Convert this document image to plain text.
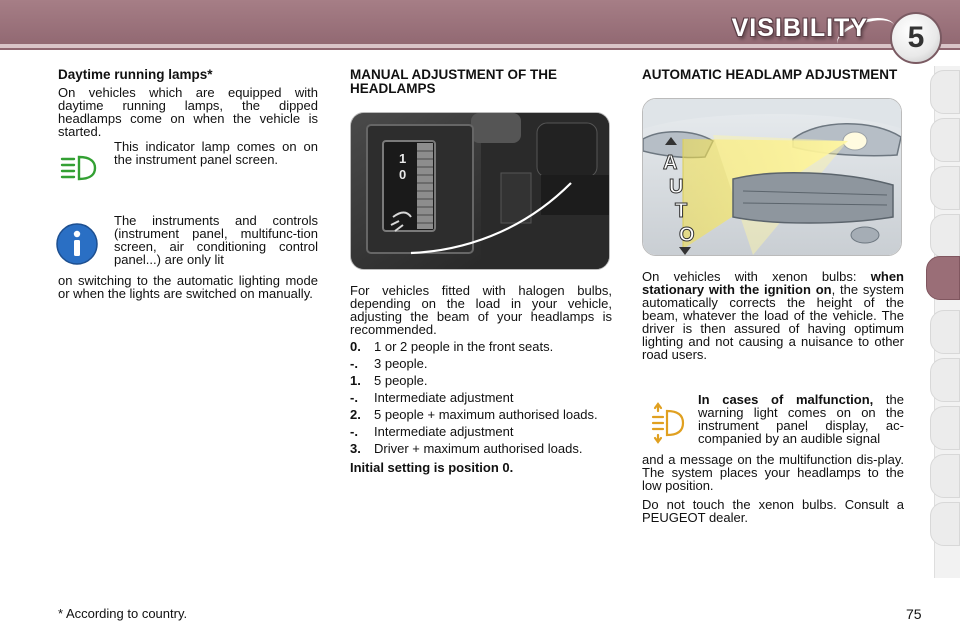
VISIBILITY 5
Daytime running lamps*

On vehicles which are equipped with daytime running lamps, the dipped headlamps come on when the vehicle is started.

This indicator lamp comes on on the instrument panel screen.

The instruments and controls (instrument panel, multifunc-tion screen, air conditioning control panel...) are only lit

on switching to the automatic lighting mode or when the lights are switched on manually.

MANUAL ADJUSTMENT OF THE HEADLAMPS
1
0

For vehicles fitted with halogen bulbs, depending on the load in your vehicle, adjusting the beam of your headlamps is recommended.

0.	1 or 2 people in the front seats.
-.	3 people.
1.	5 people.
-.	Intermediate adjustment
2.	5 people + maximum authorised loads.
-.	Intermediate adjustment
3.	Driver + maximum authorised loads.

Initial setting is position 0.

AUTOMATIC HEADLAMP ADJUSTMENT
A
U
T
O

On vehicles with xenon bulbs: when stationary with the ignition on, the system automatically corrects the height of the beam, whatever the load of the vehicle. The driver is then assured of having optimum lighting and not causing a nuisance to other road users.

In cases of malfunction, the warning light comes on on the instrument panel display, ac-companied by an audible signal

and a message on the multifunction dis-play. The system places your headlamps to the low position.

Do not touch the xenon bulbs. Consult a PEUGEOT dealer.

* According to country.	75
